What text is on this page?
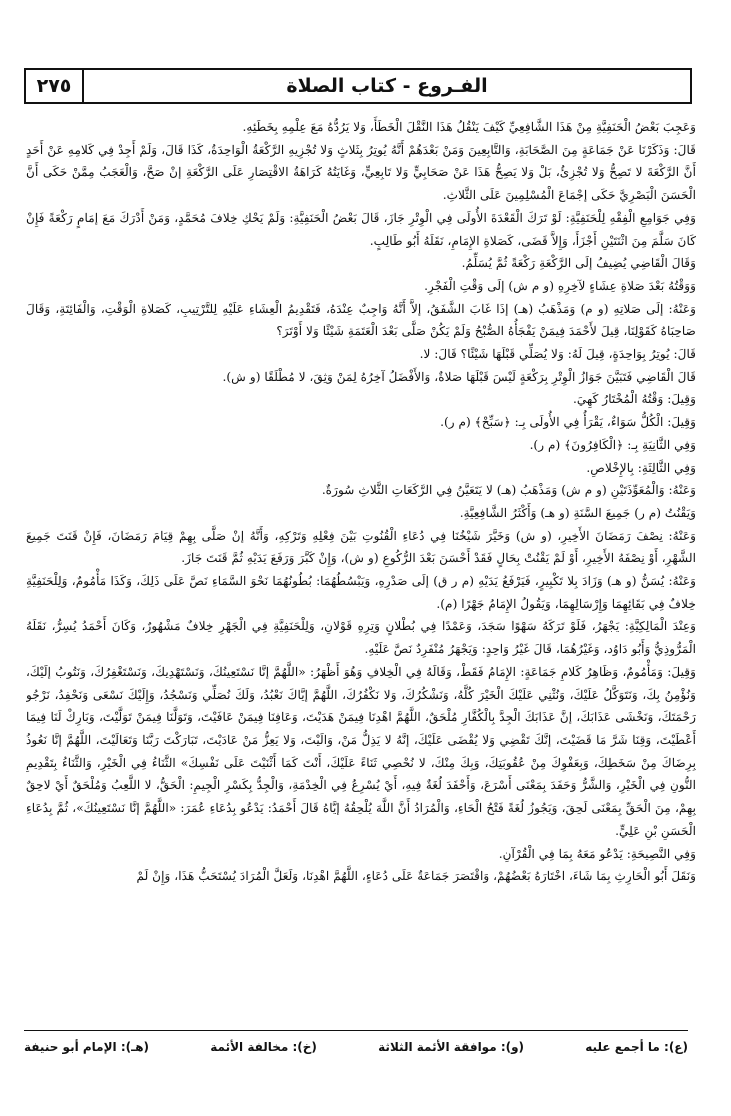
الفـروع - كتاب الصلاة
٢٧٥

وَعَجِبَ بَعْضُ الْحَنَفِيَّةِ مِنْ هَذَا الشَّافِعِيِّ كَيْفَ يَنْقُلُ هَذَا النَّقْلَ الْخَطَأَ، وَلا يَرُدُّهُ مَعَ عِلْمِهِ بِخَطَئِهِ.

قَالَ: وَذَكَرْنَا عَنْ جَمَاعَةٍ مِنَ الصَّحَابَةِ، وَالتَّابِعِينَ وَمَنْ بَعْدَهُمْ أَنَّهُ يُوتِرُ بِثَلاثٍ وَلا تُجْزِيهِ الرَّكْعَةُ الْوَاحِدَةُ، كَذَا قَالَ، وَلَمْ أَجِدْ فِي كَلامِهِ عَنْ أَحَدٍ أَنَّ الرَّكْعَةَ لا تَصِحُّ وَلا تُجْزِئُ، بَلْ وَلا يَصِحُّ هَذَا عَنْ صَحَابِيٍّ وَلا تَابِعِيٍّ، وَغَايَتُهُ كَرَاهَةُ الاقْتِصَارِ عَلَى الرَّكْعَةِ إنْ صَحَّ، وَالْعَجَبُ مِمَّنْ حَكَى أَنَّ الْحَسَنَ الْبَصْرِيَّ حَكَى إجْمَاعَ الْمُسْلِمِينَ عَلَى الثَّلاثِ.

وَفِي جَوَامِعِ الْفِقْهِ لِلْحَنَفِيَّةِ: لَوْ تَرَكَ الْقَعْدَةَ الأُولَى فِي الْوِتْرِ جَازَ، قَالَ بَعْضُ الْحَنَفِيَّةِ: وَلَمْ يَحْكِ خِلافَ مُحَمَّدٍ، وَمَنْ أَدْرَكَ مَعَ إمَامٍ رَكْعَةً فَإِنْ كَانَ سَلَّمَ مِنَ اثْنَتَيْنِ أَجْزَأَ، وَإِلاَّ قَضَى، كَصَلاةِ الإِمَامِ، نَقَلَهُ أَبُو طَالِبٍ.

وَقَالَ الْقَاضِي يُضِيفُ إلَى الرَّكْعَةِ رَكْعَةً ثُمَّ يُسَلِّمُ.

وَوَقْتُهُ بَعْدَ صَلاةِ عِشَاءٍ لآخِرِهِ (و م ش) إلَى وَقْتِ الْفَجْرِ.

وَعَنْهُ: إلَى صَلاتِهِ (و م) وَمَذْهَبُ (هـ) إذَا غَابَ الشَّفَقُ، إلاَّ أَنَّهُ وَاجِبٌ عِنْدَهُ، فَتَقْدِيمُ الْعِشَاءِ عَلَيْهِ لِلتَّرْتِيبِ، كَصَلاةِ الْوَقْتِ، وَالْفَائِتَةِ، وَقَالَ صَاحِبَاهُ كَقَوْلِنَا، قِيلَ لأَحْمَدَ فِيمَنْ يَفْجَأُهُ الصُّبْحُ وَلَمْ يَكُنْ صَلَّى بَعْدَ الْعَتَمَةِ شَيْئًا وَلا أَوْتَرَ؟

قَالَ: يُوتِرُ بِوَاحِدَةٍ، قِيلَ لَهُ: وَلا يُصَلِّي قَبْلَهَا شَيْئًا؟ قَالَ: لا.

قَالَ الْقَاضِي فَتَبَيَّنَ جَوَازُ الْوِتْرِ بِرَكْعَةٍ لَيْسَ قَبْلَهَا صَلاةٌ، وَالأَفْضَلُ آخِرُهُ لِمَنْ وَثِقَ، لا مُطْلَقًا (و ش).

وَقِيلَ: وَقْتُهُ الْمُخْتَارُ كَهِيَ.

وَقِيلَ: الْكُلُّ سَوَاءٌ، يَقْرَأُ فِي الأُولَى بِـ: ﴿سَبِّحْ﴾ (م ر).

وَفِي الثَّانِيَةِ بِـ: ﴿الْكَافِرُونَ﴾ (م ر).

وَفِي الثَّالِثَةِ: بِالإِخْلاصِ.

وَعَنْهُ: وَالْمُعَوِّذَتَيْنِ (و م ش) وَمَذْهَبُ (هـ) لا يَتَعَيَّنُ فِي الرَّكَعَاتِ الثَّلاثِ سُورَةٌ.

وَيَقْنُتُ (م ر) جَمِيعَ السَّنَةِ (و هـ) وَأَكْثَرُ الشَّافِعِيَّةِ.

وَعَنْهُ: نِصْفَ رَمَضَانَ الأَخِيرِ، (و ش) وَخَيَّرَ شَيْخُنَا فِي دُعَاءِ الْقُنُوتِ بَيْنَ فِعْلِهِ وَتَرْكِهِ، وَأَنَّهُ إنْ صَلَّى بِهِمْ قِيَامَ رَمَضَانَ، فَإِنْ قَنَتَ جَمِيعَ الشَّهْرِ، أَوْ نِصْفَهُ الأَخِيرِ، أَوْ لَمْ يَقْنُتْ بِحَالٍ فَقَدْ أَحْسَنَ بَعْدَ الرُّكُوعِ (و ش)، وَإِنْ كَبَّرَ وَرَفَعَ يَدَيْهِ ثُمَّ قَنَتَ جَازَ.

وَعَنْهُ: يُسَنُّ (و هـ) وَزَادَ بِلا تَكْبِيرٍ، فَيَرْفَعُ يَدَيْهِ (م ر ق) إلَى صَدْرِهِ، وَيَبْسُطُهُمَا: بُطُونُهُمَا نَحْوَ السَّمَاءِ نَصَّ عَلَى ذَلِكَ، وَكَذَا مَأْمُومٌ، وَلِلْحَنَفِيَّةِ خِلافٌ فِي بَقَائِهِمَا وَإِرْسَالِهِمَا، وَيَقُولُ الإِمَامُ جَهْرًا (م).

وَعِنْدَ الْمَالِكِيَّةِ: يَجْهَرُ، فَلَوْ تَرَكَهُ سَهْوًا سَجَدَ، وَعَمْدًا فِي بُطْلانٍ وَتِرِهِ قَوْلانِ، وَلِلْحَنَفِيَّةِ فِي الْجَهْرِ خِلافٌ مَشْهُورٌ، وَكَانَ أَحْمَدُ يُسِرُّ، نَقَلَهُ الْمَرُّوذِيُّ وَأَبُو دَاوُد، وَغَيْرُهُمَا، قَالَ غَيْرُ وَاحِدٍ: وَيَجْهَرُ مُنْفَرِدٌ نَصَّ عَلَيْهِ.

وَقِيلَ: وَمَأْمُومٌ، وَظَاهِرُ كَلامِ جَمَاعَةٍ: الإِمَامُ فَقَطْ، وَقَالَهُ فِي الْخِلافِ وَهُوَ أَظْهَرُ: «اللَّهُمَّ إنَّا نَسْتَعِينُكَ، وَنَسْتَهْدِيكَ، وَنَسْتَغْفِرُكَ، وَنَتُوبُ إلَيْكَ، وَنُؤْمِنُ بِكَ، وَنَتَوَكَّلُ عَلَيْكَ، وَنُثْنِي عَلَيْكَ الْخَيْرَ كُلَّهُ، وَنَشْكُرُكَ، وَلا نَكْفُرُكَ، اللَّهُمَّ إيَّاكَ نَعْبُدُ، وَلَكَ نُصَلِّي وَنَسْجُدُ، وَإِلَيْكَ نَسْعَى وَنَحْفِدُ، نَرْجُو رَحْمَتَكَ، وَنَخْشَى عَذَابَكَ، إنَّ عَذَابَكَ الْجِدَّ بِالْكُفَّارِ مُلْحَقٌ، اللَّهُمَّ اهْدِنَا فِيمَنْ هَدَيْتَ، وَعَافِنَا فِيمَنْ عَافَيْتَ، وَتَوَلَّنَا فِيمَنْ تَوَلَّيْتَ، وَبَارِكْ لَنَا فِيمَا أَعْطَيْتَ، وَقِنَا شَرَّ مَا قَضَيْتَ، إنَّكَ تَقْضِي وَلا يُقْضَى عَلَيْكَ، إنَّهُ لا يَذِلُّ مَنْ، وَالَيْتَ، وَلا يَعِزُّ مَنْ عَادَيْتَ، تَبَارَكْتَ رَبَّنَا وَتَعَالَيْتَ، اللَّهُمَّ إنَّا نَعُوذُ بِرِضَاكَ مِنْ سَخَطِكَ، وَبِعَفْوِكَ مِنْ عُقُوبَتِكَ، وَبِكَ مِنْكَ، لا نُحْصِي ثَنَاءً عَلَيْكَ، أَنْتَ كَمَا أَثْنَيْتَ عَلَى نَفْسِكَ» الثَّنَاءُ فِي الْخَيْرِ، وَالثَّنَاءُ بِتَقْدِيمِ النُّونِ فِي الْخَيْرِ، وَالشَّرُّ وَحَفَدَ بِمَعْنَى أَسْرَعَ، وَأَحْفَدَ لُغَةٌ فِيهِ، أَيْ يُسْرِعُ فِي الْخِدْمَةِ، وَالْجِدُّ بِكَسْرِ الْجِيمِ: الْحَقُّ، لا اللَّعِبُ وَمُلْحَقٌ أَيْ لاحِقٌ بِهِمْ، مِنَ الْحَقِّ بِمَعْنَى لَحِقَ، وَيَجُوزُ لُغَةً فَتْحُ الْحَاءِ، وَالْمُرَادُ أَنَّ اللَّهَ يُلْحِقُهُ إيَّاهُ قَالَ أَحْمَدُ: يَدْعُو بِدُعَاءِ عُمَرَ: «اللَّهُمَّ إنَّا نَسْتَعِينُكَ»، ثُمَّ بِدُعَاءِ الْحَسَنِ بْنِ عَلِيٍّ.

وَفِي النَّصِيحَةِ: يَدْعُو مَعَهُ بِمَا فِي الْقُرْآنِ.

وَنَقَلَ أَبُو الْحَارِثِ بِمَا شَاءَ، اخْتَارَهُ بَعْضُهُمْ، وَاقْتَصَرَ جَمَاعَةٌ عَلَى دُعَاءٍ، اللَّهُمَّ اهْدِنَا، وَلَعَلَّ الْمُرَادَ يُسْتَحَبُّ هَذَا، وَإِنْ لَمْ

(ع): ما أجمع عليه
(و): موافقة الأئمة الثلاثة
(خ): مخالفة الأئمة
(هـ): الإمام أبو حنيفة
